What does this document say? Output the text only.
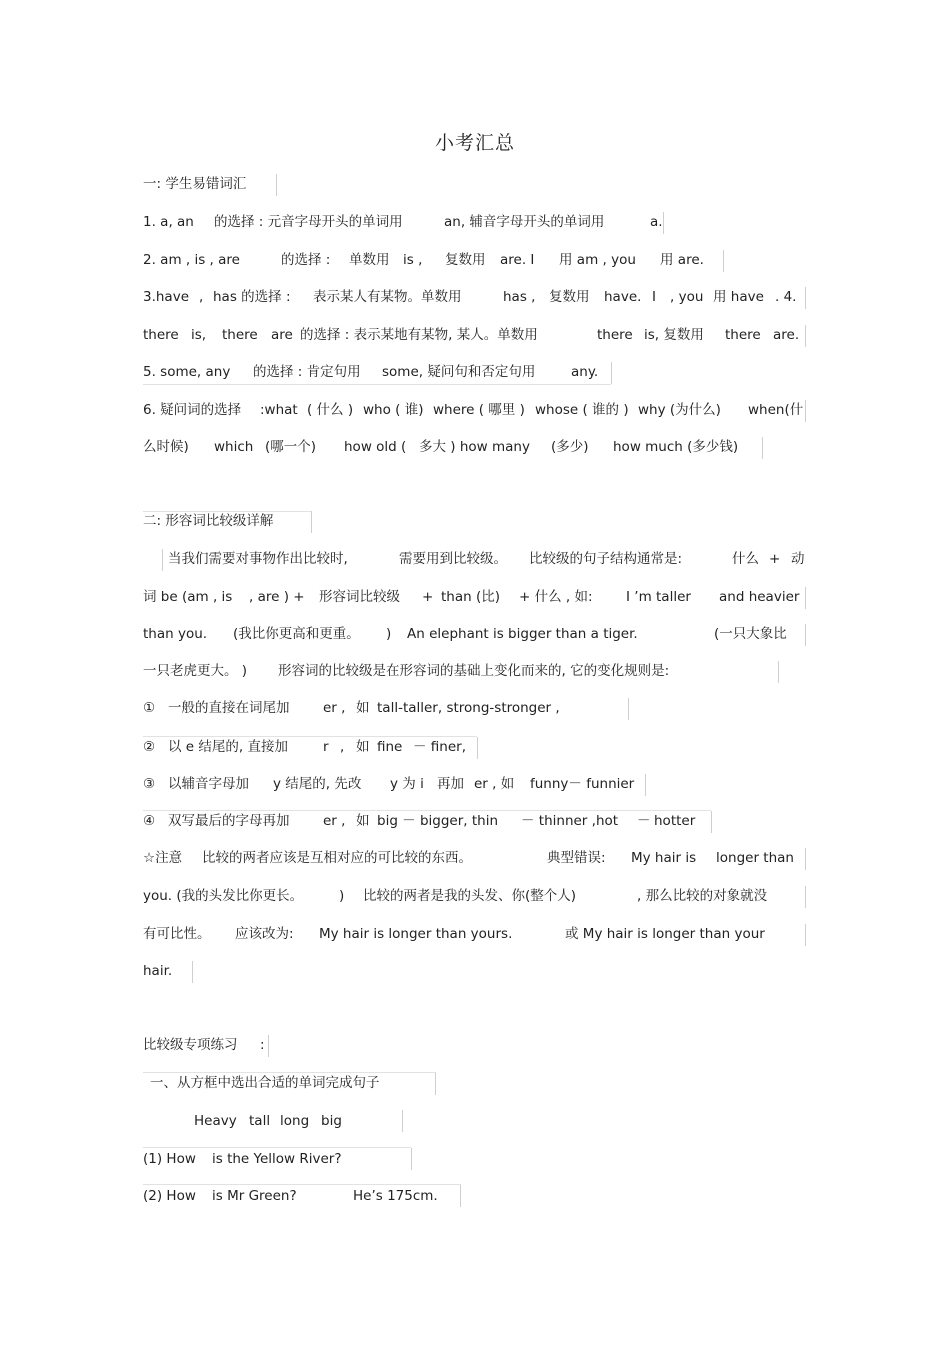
小考汇总
一: 学生易错词汇
1. a, an 的选择 : 元音字母开头的单词用	an, 辅音字母开头的单词用	a.
2. am , is , are	的选择 : 单数用 is , 复数用 are. I 用 am , you 用 are.
3.have , has 的选择 : 表示某人有某物。单数用	has , 复数用 have. I , you 用 have . 4.
there is, there are 的选择 : 表示某地有某物, 某人。单数用	there is, 复数用 there are.
5. some, any 的选择 : 肯定句用 some, 疑问句和否定句用	any.
6. 疑问词的选择 :what ( 什么 ) who ( 谁) where ( 哪里 ) whose ( 谁的 ) why (为什么) when(什
么时候) which (哪一个) how old ( 多大 ) how many (多少) how much (多少钱)
二: 形容词比较级详解
当我们需要对事物作出比较时,	需要用到比较级。 比较级的句子结构通常是:	什么 + 动
词 be (am , is , are ) + 形容词比较级 + than (比) + 什么 , 如: I ’m taller and heavier
than you. (我比你更高和更重。 ) An elephant is bigger than a tiger.	(一只大象比
一只老虎更大。 ) 形容词的比较级是在形容词的基础上变化而来的, 它的变化规则是:
① 一般的直接在词尾加 er , 如 tall-taller, strong-stronger ,
② 以 e 结尾的, 直接加	r , 如 fine － finer,
③ 以辅音字母加 y 结尾的, 先改 y 为 i 再加 er , 如 funny－ funnier
④ 双写最后的字母再加 er , 如 big － bigger, thin － thinner ,hot － hotter
☆注意 比较的两者应该是互相对应的可比较的东西。	典型错误: My hair is longer than
you. (我的头发比你更长。	) 比较的两者是我的头发、你(整个人)	, 那么比较的对象就没
有可比性。 应该改为: My hair is longer than yours.	或 My hair is longer than your
hair.
比较级专项练习 :
一、从方框中选出合适的单词完成句子
Heavy tall long big
(1) How is the Yellow River?
(2) How is Mr Green?	He’s 175cm.
